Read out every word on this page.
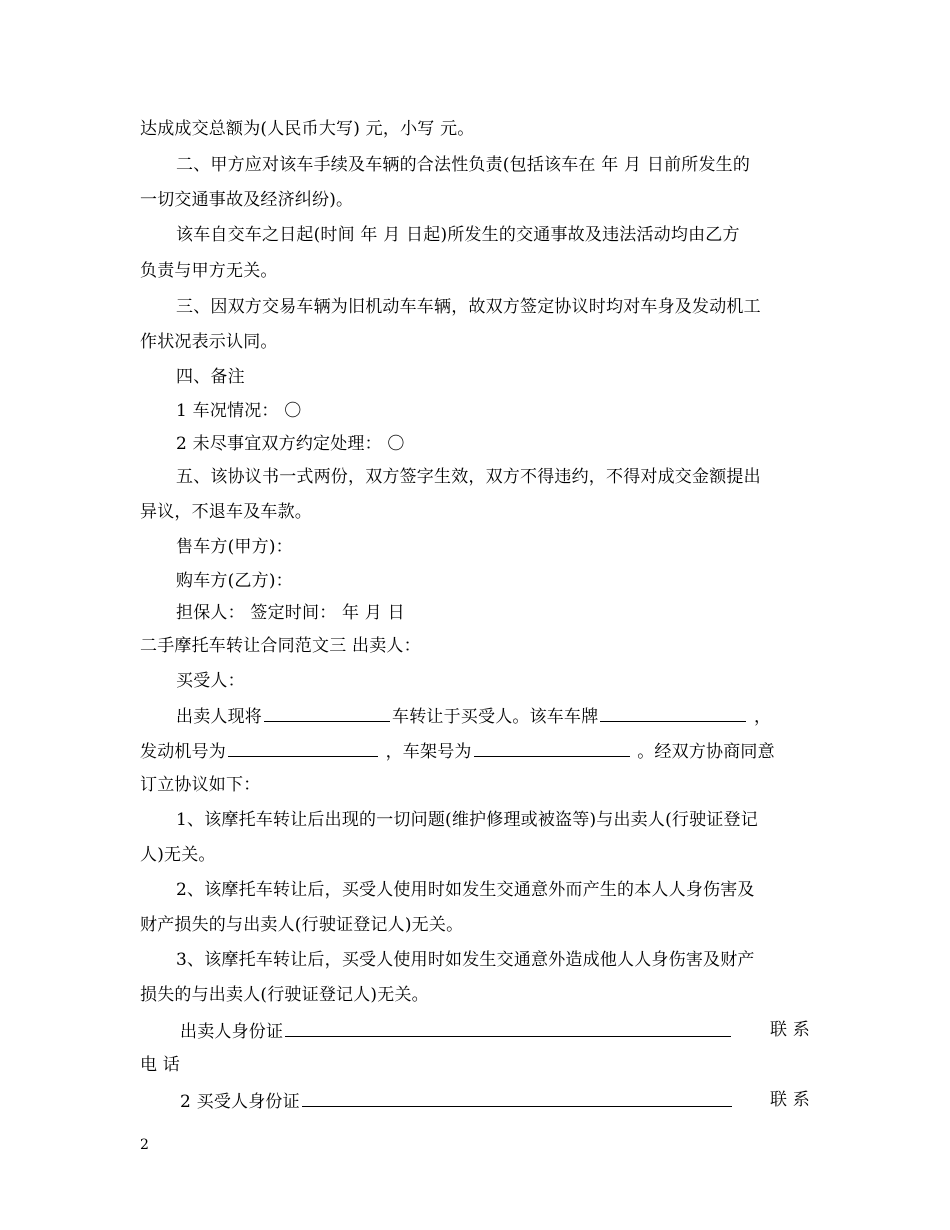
达成成交总额为(人民币大写) 元，小写 元。
二、甲方应对该车手续及车辆的合法性负责(包括该车在 年 月 日前所发生的
一切交通事故及经济纠纷)。
该车自交车之日起(时间 年 月 日起)所发生的交通事故及违法活动均由乙方
负责与甲方无关。
三、因双方交易车辆为旧机动车车辆，故双方签定协议时均对车身及发动机工
作状况表示认同。
四、备注
1 车况情况： 〇
2 未尽事宜双方约定处理： 〇
五、该协议书一式两份，双方签字生效，双方不得违约，不得对成交金额提出
异议，不退车及车款。
售车方(甲方)：
购车方(乙方)：
担保人： 签定时间： 年 月 日
二手摩托车转让合同范文三 出卖人：
买受人：
出卖人现将	车转让于买受人。该车车牌	，
发动机号为	，车架号为	。经双方协商同意
订立协议如下：
1、该摩托车转让后出现的一切问题(维护修理或被盗等)与出卖人(行驶证登记
人)无关。
2、该摩托车转让后，买受人使用时如发生交通意外而产生的本人人身伤害及
财产损失的与出卖人(行驶证登记人)无关。
3、该摩托车转让后，买受人使用时如发生交通意外造成他人人身伤害及财产
损失的与出卖人(行驶证登记人)无关。
出卖人身份证	联 系
电 话
2 买受人身份证	联 系
2
